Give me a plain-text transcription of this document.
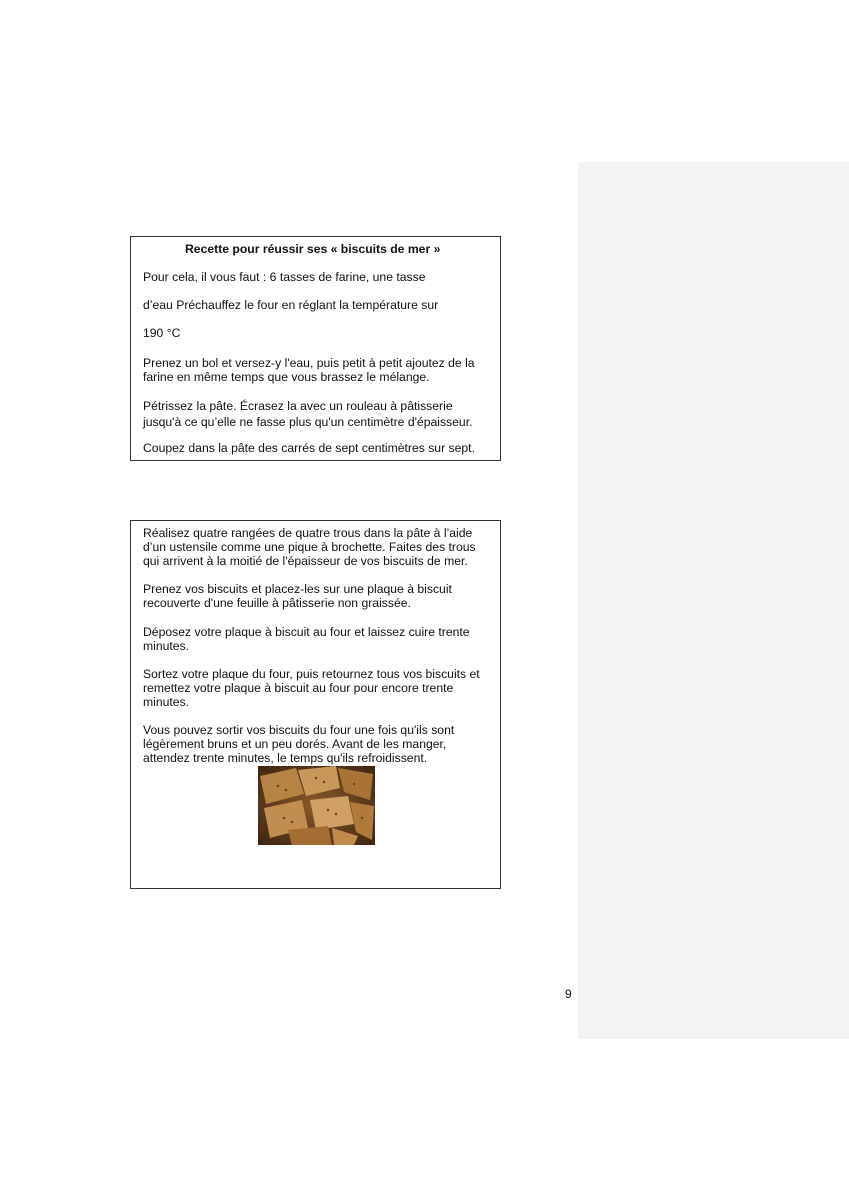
Recette pour réussir ses « biscuits de mer »
Pour cela, il vous faut : 6 tasses de farine, une tasse
d’eau Préchauffez le four en réglant la température sur
190 °C
Prenez un bol et versez-y l'eau, puis petit à petit ajoutez de la
farine en même temps que vous brassez le mélange.
Pétrissez la pâte. Écrasez la avec un rouleau à pâtisserie
jusqu'à ce qu’elle ne fasse plus qu'un centimètre d'épaisseur.
Coupez dans la pâte des carrés de sept centimètres sur sept.
Réalisez quatre rangées de quatre trous dans la pâte à l’aide
d’un ustensile comme une pique à brochette. Faites des trous
qui arrivent à la moitié de l'épaisseur de vos biscuits de mer.
Prenez vos biscuits et placez-les sur une plaque à biscuit
recouverte d'une feuille à pâtisserie non graissée.
Déposez votre plaque à biscuit au four et laissez cuire trente
minutes.
Sortez votre plaque du four, puis retournez tous vos biscuits et
remettez votre plaque à biscuit au four pour encore trente
minutes.
Vous pouvez sortir vos biscuits du four une fois qu'ils sont
légèrement bruns et un peu dorés. Avant de les manger,
attendez trente minutes, le temps qu'ils refroidissent.
9
